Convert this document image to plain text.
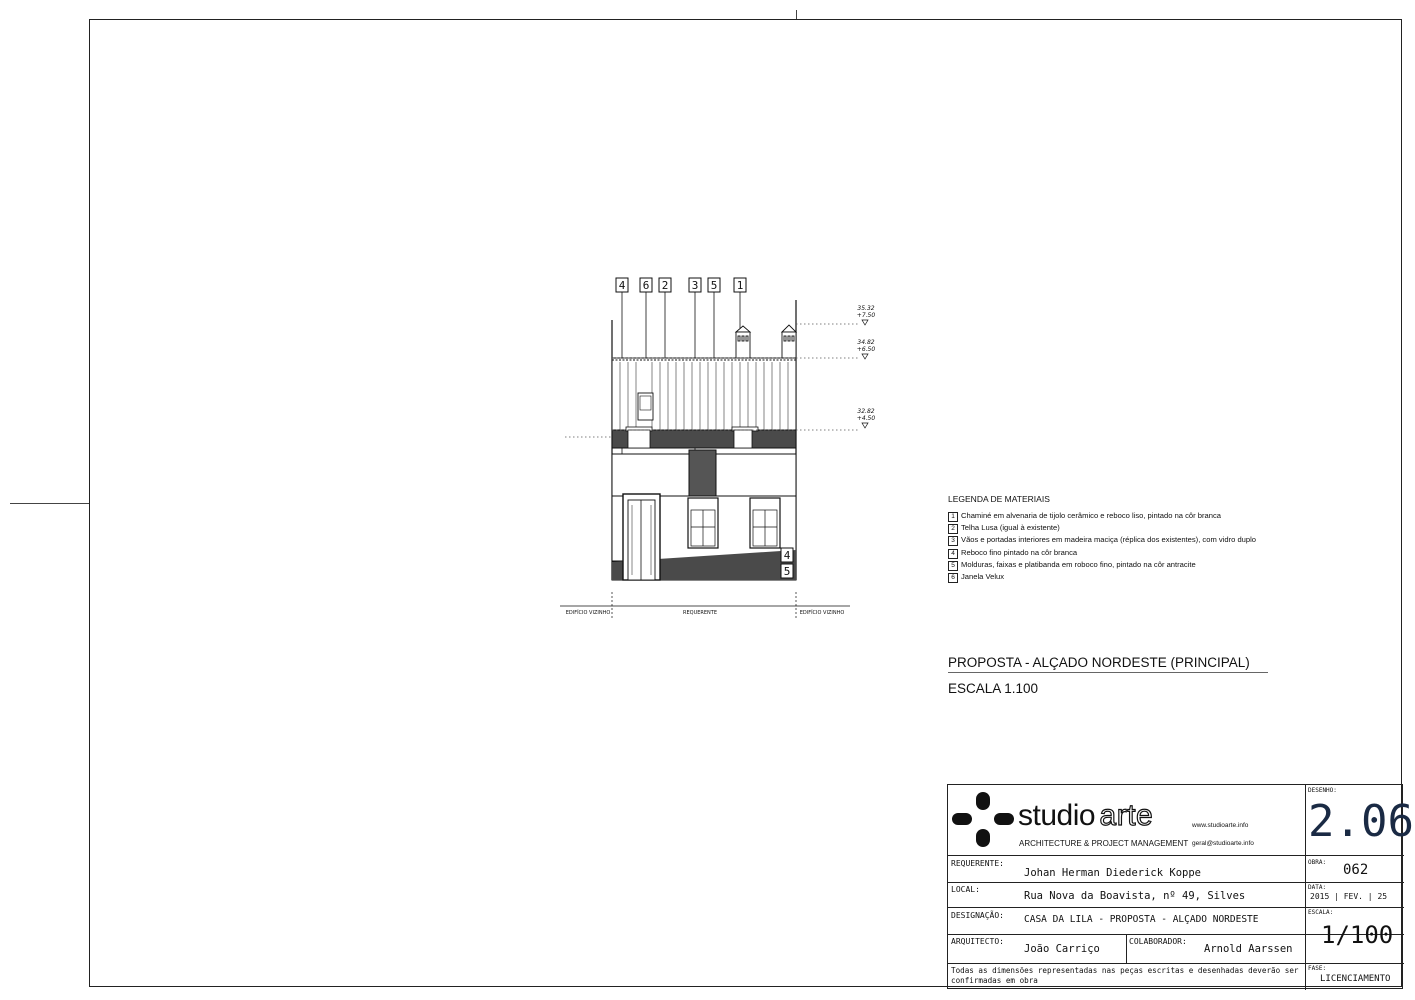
4 6 2 3 5 1
4
5
35.32
+7.50
34.82
+6.50
32.82
+4.50
EDIFÍCIO VIZINHO	REQUERENTE	EDIFÍCIO VIZINHO
LEGENDA DE MATERIAIS
1 Chaminé em alvenaria de tijolo cerâmico e reboco liso, pintado na côr branca
2 Telha Lusa (igual à existente)
3 Vãos e portadas interiores em madeira maciça (réplica dos existentes), com vidro duplo
4 Reboco fino pintado na côr branca
5 Molduras, faixas e platibanda em roboco fino, pintado na côr antracite
6 Janela Velux
PROPOSTA - ALÇADO NORDESTE (PRINCIPAL)
ESCALA 1.100
studio arte	www.studioarte.info
ARCHITECTURE & PROJECT MANAGEMENT geral@studioarte.info
DESENHO:
2.06
REQUERENTE:
Johan Herman Diederick Koppe
OBRA: 062
LOCAL:
Rua Nova da Boavista, nº 49, Silves
DATA:
2015 | FEV. | 25
DESIGNAÇÃO: CASA DA LILA - PROPOSTA - ALÇADO NORDESTE
ESCALA:
1/100
ARQUITECTO:
João Carriço
COLABORADOR:
Arnold Aarssen
Todas as dimensões representadas nas peças escritas e desenhadas deverão ser confirmadas em obra
FASE:
LICENCIAMENTO
